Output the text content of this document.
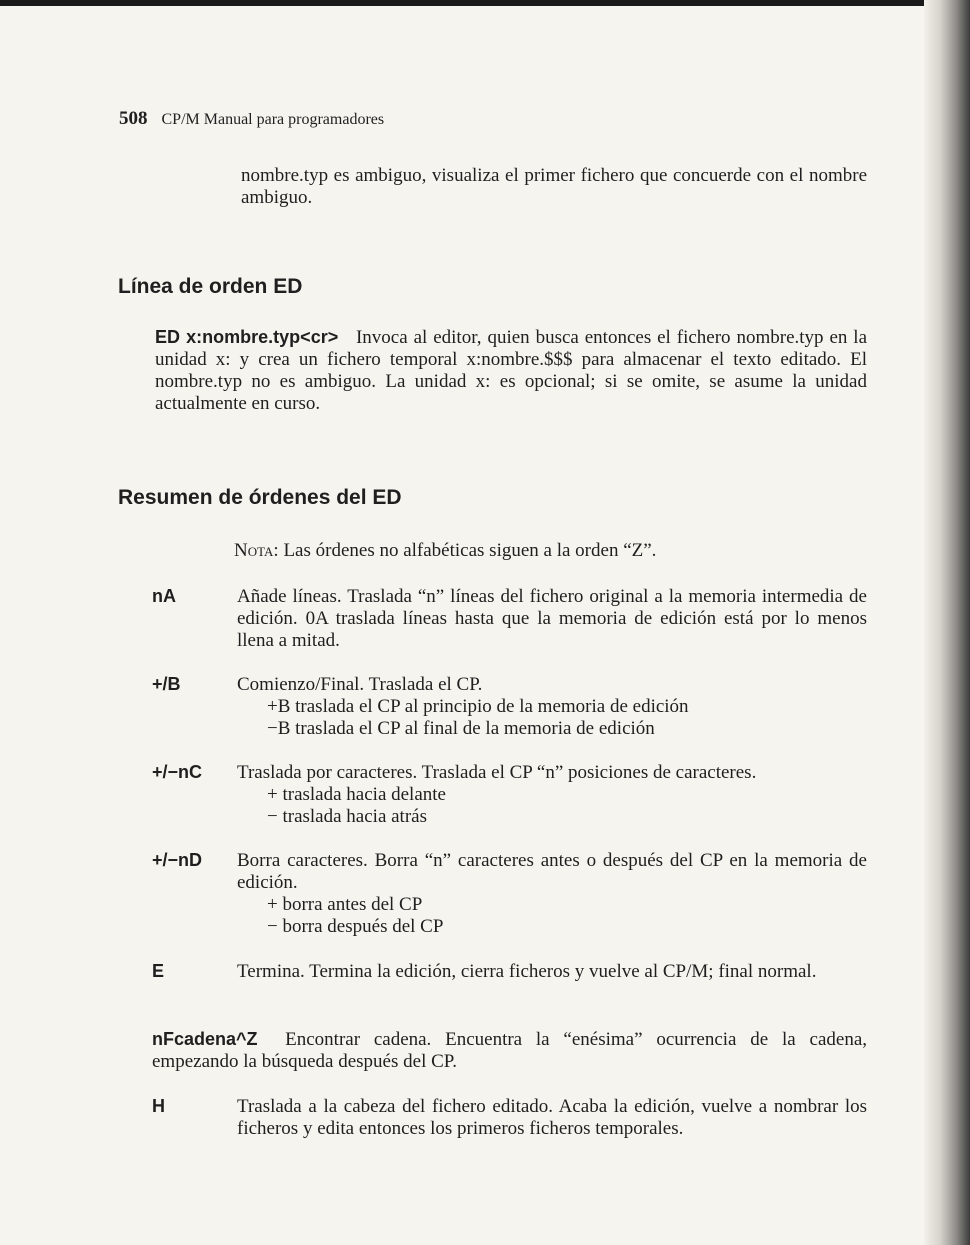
508 CP/M Manual para programadores
nombre.typ es ambiguo, visualiza el primer fichero que concuerde con el nombre ambiguo.
Línea de orden ED
ED x:nombre.typ<cr> Invoca al editor, quien busca entonces el fichero nombre.typ en la unidad x: y crea un fichero temporal x:nombre.$$$ para almacenar el texto editado. El nombre.typ no es ambiguo. La unidad x: es opcional; si se omite, se asume la unidad actualmente en curso.
Resumen de órdenes del ED
Nota: Las órdenes no alfabéticas siguen a la orden “Z”.
nA	Añade líneas. Traslada “n” líneas del fichero original a la memoria intermedia de edición. 0A traslada líneas hasta que la memoria de edición está por lo menos llena a mitad.
+/B	Comienzo/Final. Traslada el CP.
+B traslada el CP al principio de la memoria de edición
−B traslada el CP al final de la memoria de edición
+/−nC Traslada por caracteres. Traslada el CP “n” posiciones de caracteres.
+ traslada hacia delante
− traslada hacia atrás
+/−nD Borra caracteres. Borra “n” caracteres antes o después del CP en la memoria de edición.
+ borra antes del CP
− borra después del CP
E	Termina. Termina la edición, cierra ficheros y vuelve al CP/M; final normal.
nFcadena^Z Encontrar cadena. Encuentra la “enésima” ocurrencia de la cadena, empezando la búsqueda después del CP.
H	Traslada a la cabeza del fichero editado. Acaba la edición, vuelve a nombrar los ficheros y edita entonces los primeros ficheros temporales.
